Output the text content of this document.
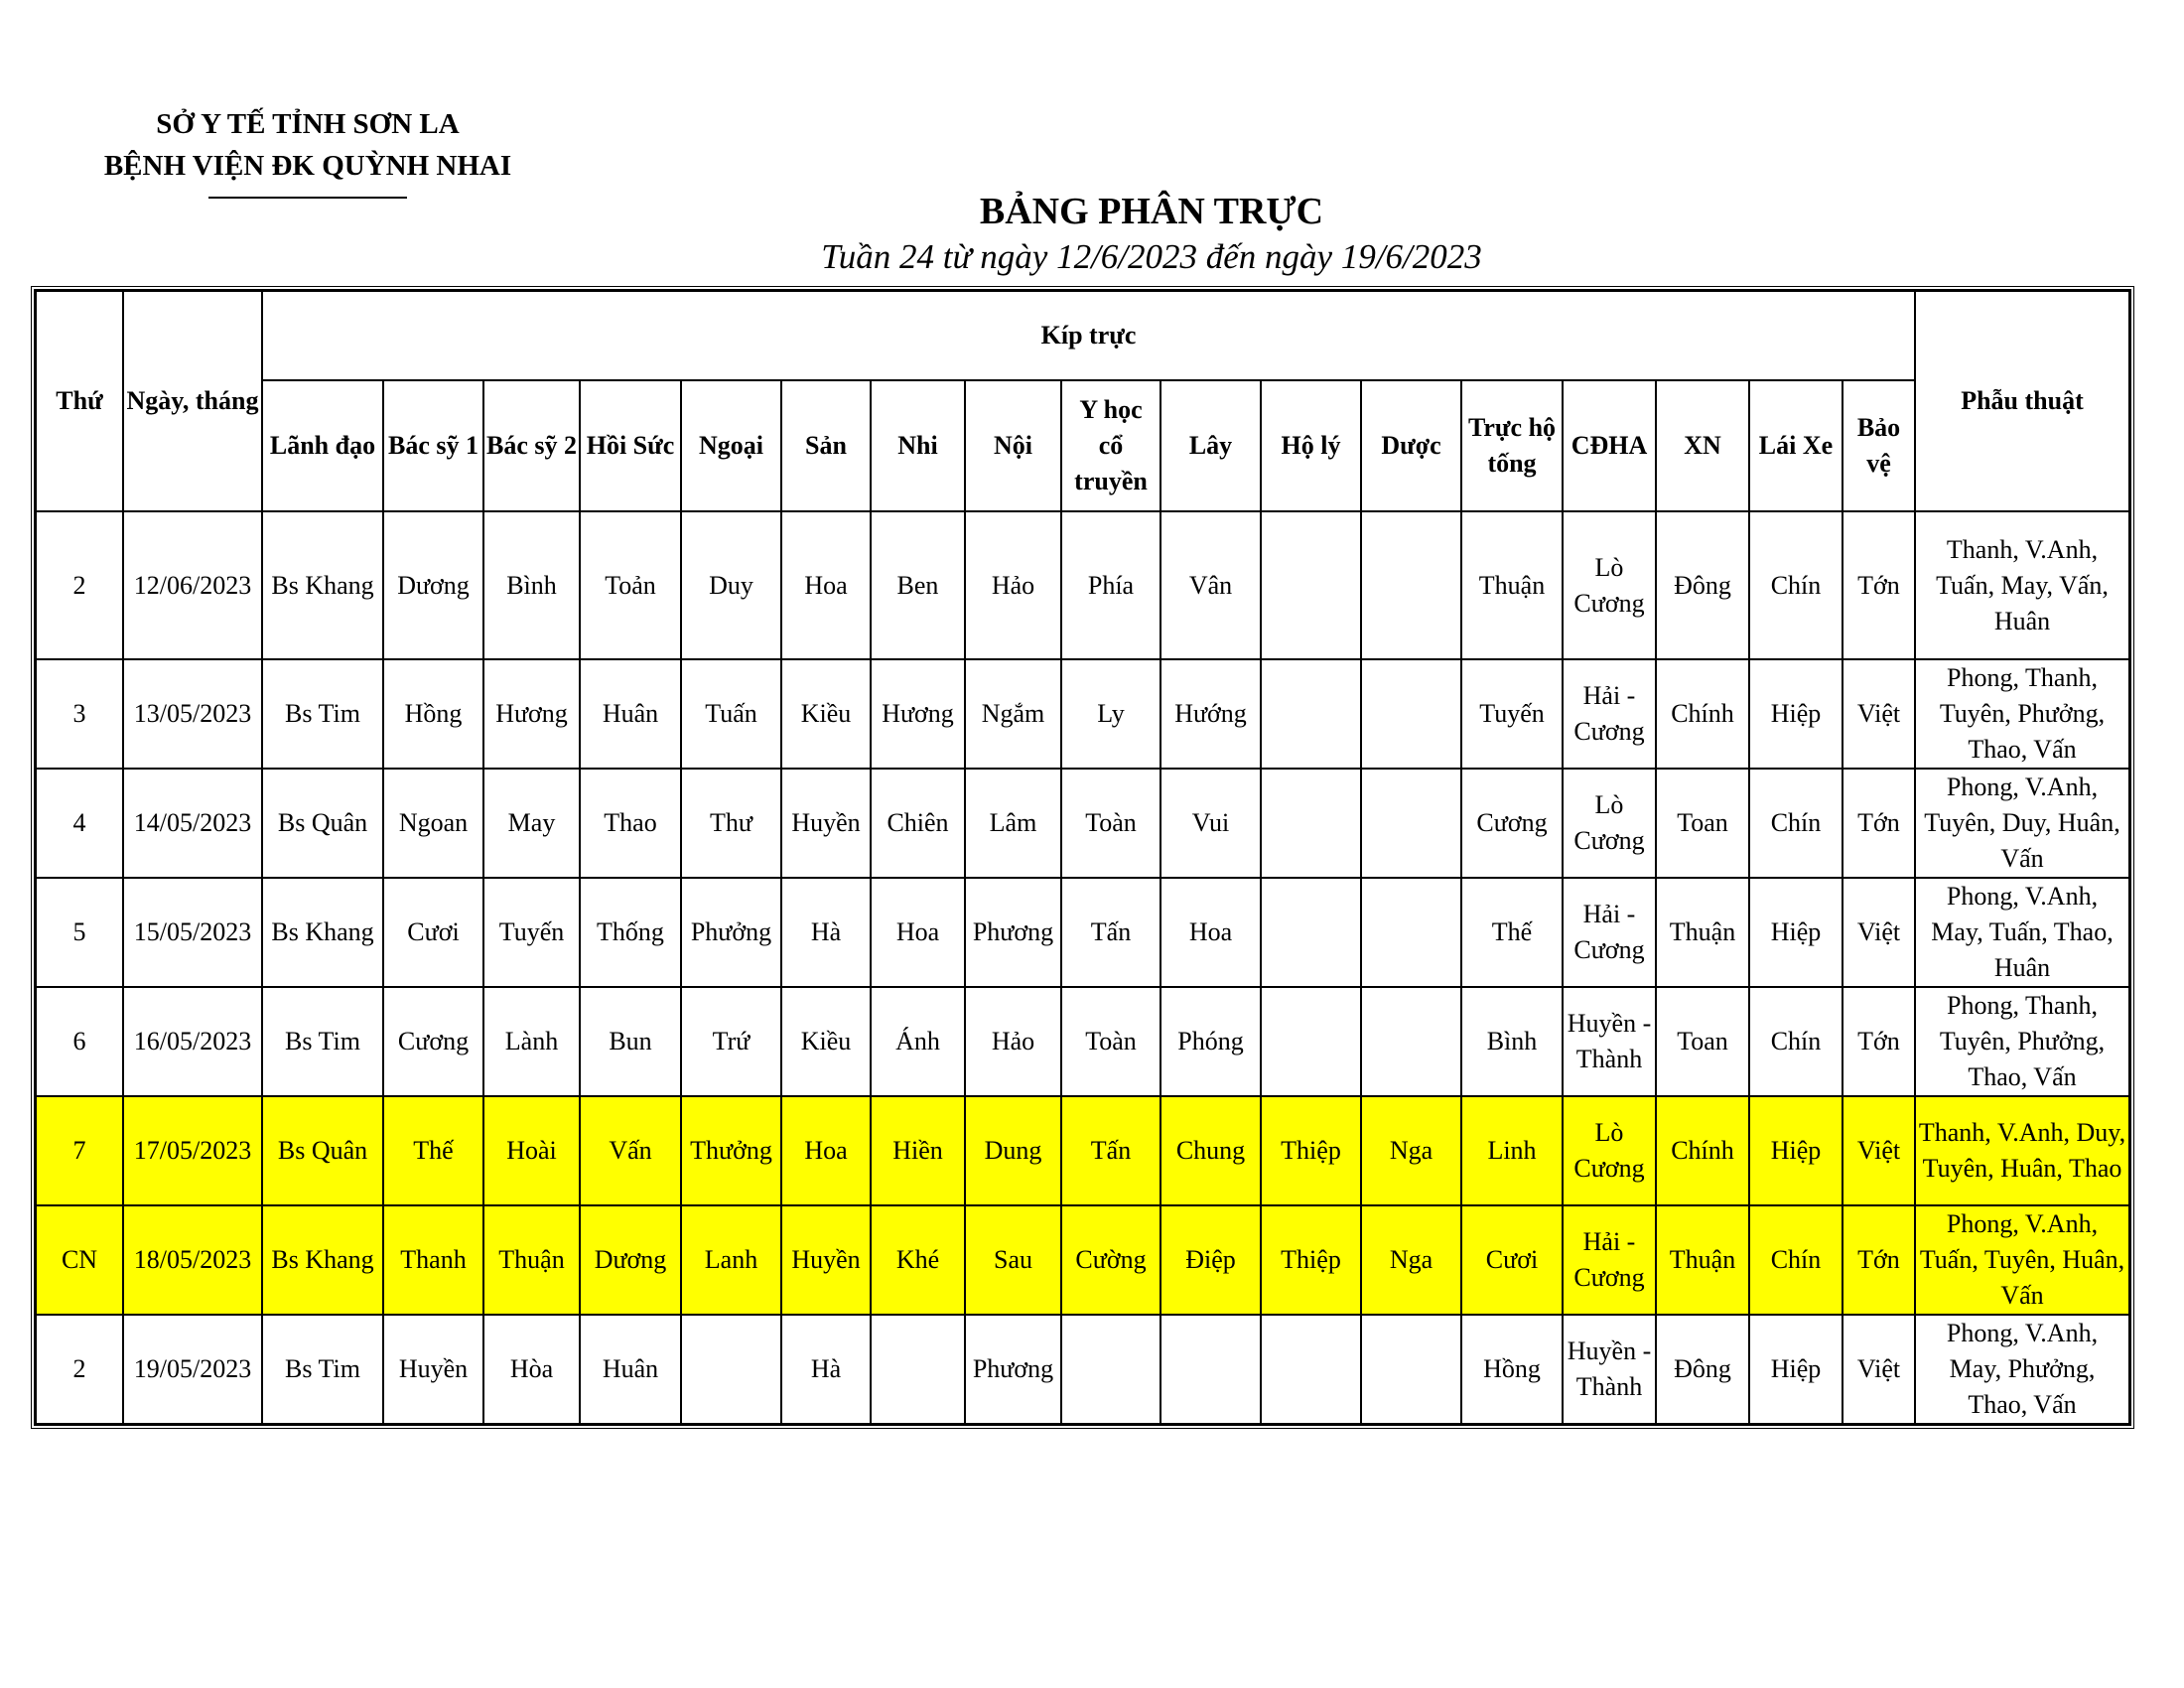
SỞ Y TẾ TỈNH SƠN LA
BỆNH VIỆN ĐK QUỲNH NHAI
BẢNG PHÂN TRỰC
Tuần 24 từ ngày 12/6/2023 đến ngày 19/6/2023
Thứ	Ngày, tháng	Kíp trực																	Phẫu thuật
		Lãnh đạo	Bác sỹ 1	Bác sỹ 2	Hồi Sức	Ngoại	Sản	Nhi	Nội	Y học cổ truyền	Lây	Hộ lý	Dược	Trực hộ tống	CĐHA	XN	Lái Xe	Bảo vệ	
2	12/06/2023	Bs Khang	Dương	Bình	Toản	Duy	Hoa	Ben	Hảo	Phía	Vân			Thuận	Lò Cương	Đông	Chín	Tớn	Thanh, V.Anh, Tuấn, May, Vấn, Huân
3	13/05/2023	Bs Tim	Hồng	Hương	Huân	Tuấn	Kiều	Hương	Ngắm	Ly	Hướng			Tuyến	Hải - Cương	Chính	Hiệp	Việt	Phong, Thanh, Tuyên, Phưởng, Thao, Vấn
4	14/05/2023	Bs Quân	Ngoan	May	Thao	Thư	Huyền	Chiên	Lâm	Toàn	Vui			Cương	Lò Cương	Toan	Chín	Tớn	Phong, V.Anh, Tuyên, Duy, Huân, Vấn
5	15/05/2023	Bs Khang	Cươi	Tuyến	Thống	Phưởng	Hà	Hoa	Phương	Tấn	Hoa			Thế	Hải - Cương	Thuận	Hiệp	Việt	Phong, V.Anh, May, Tuấn, Thao, Huân
6	16/05/2023	Bs Tim	Cương	Lành	Bun	Trứ	Kiều	Ánh	Hảo	Toàn	Phóng			Bình	Huyền - Thành	Toan	Chín	Tớn	Phong, Thanh, Tuyên, Phưởng, Thao, Vấn
7	17/05/2023	Bs Quân	Thế	Hoài	Vấn	Thưởng	Hoa	Hiền	Dung	Tấn	Chung	Thiệp	Nga	Linh	Lò Cương	Chính	Hiệp	Việt	Thanh, V.Anh, Duy, Tuyên, Huân, Thao
CN	18/05/2023	Bs Khang	Thanh	Thuận	Dương	Lanh	Huyền	Khé	Sau	Cường	Điệp	Thiệp	Nga	Cươi	Hải - Cương	Thuận	Chín	Tớn	Phong, V.Anh, Tuấn, Tuyên, Huân, Vấn
2	19/05/2023	Bs Tim	Huyền	Hòa	Huân		Hà		Phương					Hồng	Huyền - Thành	Đông	Hiệp	Việt	Phong, V.Anh, May, Phưởng, Thao, Vấn
